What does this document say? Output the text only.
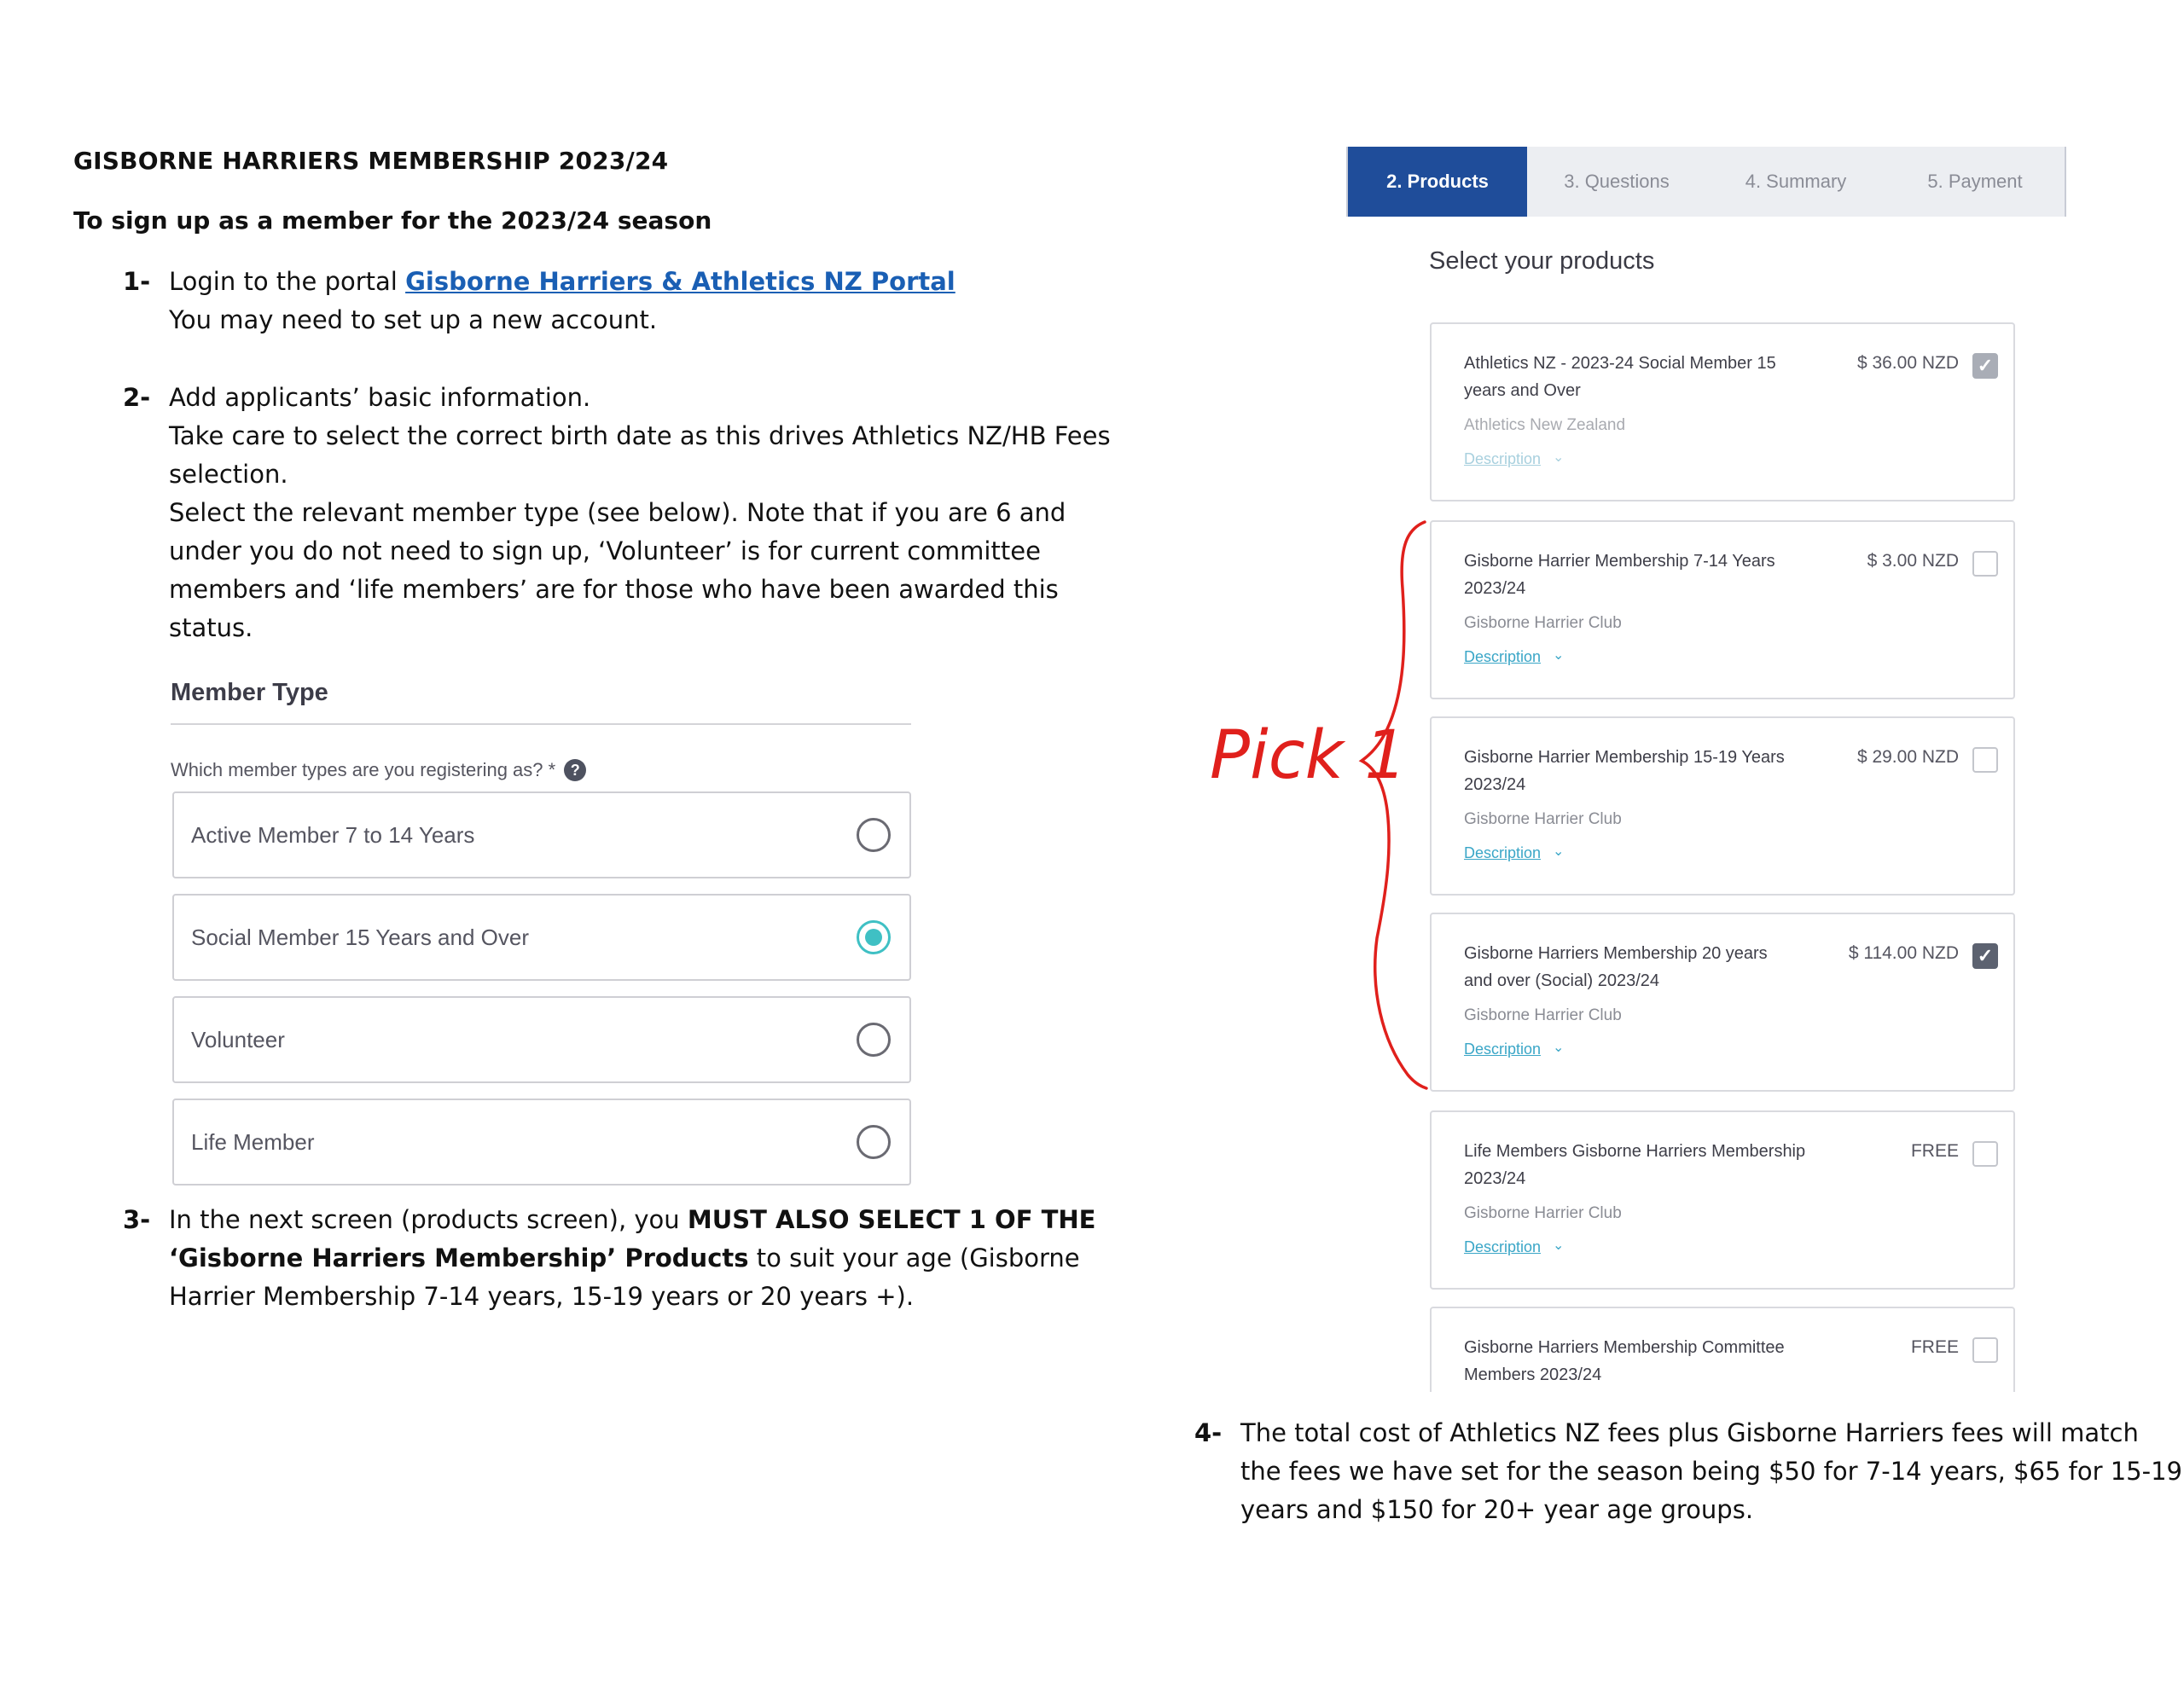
GISBORNE HARRIERS MEMBERSHIP 2023/24
To sign up as a member for the 2023/24 season
1- Login to the portal Gisborne Harriers & Athletics NZ Portal

You may need to set up a new account.

2- Add applicants’ basic information.

Take care to select the correct birth date as this drives Athletics NZ/HB Fees

selection.

Select the relevant member type (see below). Note that if you are 6 and

under you do not need to sign up, ‘Volunteer’ is for current committee

members and ‘life members’ are for those who have been awarded this

status.

Member Type
Which member types are you registering as? * ?
Active Member 7 to 14 Years
Social Member 15 Years and Over
Volunteer
Life Member
3- In the next screen (products screen), you MUST ALSO SELECT 1 OF THE

‘Gisborne Harriers Membership’ Products to suit your age (Gisborne

Harrier Membership 7-14 years, 15-19 years or 20 years +).

2. Products	3. Questions	4. Summary	5. Payment
Select your products
Athletics NZ - 2023-24 Social Member 15
years and Over
$ 36.00 NZD ✓
Athletics New Zealand
Description ⌄
Gisborne Harrier Membership 7-14 Years
2023/24
$ 3.00 NZD
Gisborne Harrier Club
Description ⌄
Gisborne Harrier Membership 15-19 Years
2023/24
$ 29.00 NZD
Gisborne Harrier Club
Description ⌄
Gisborne Harriers Membership 20 years
and over (Social) 2023/24
$ 114.00 NZD ✓
Gisborne Harrier Club
Description ⌄
Life Members Gisborne Harriers Membership
2023/24
FREE
Gisborne Harrier Club
Description ⌄
Gisborne Harriers Membership Committee
Members 2023/24
FREE
Pick 1
4- The total cost of Athletics NZ fees plus Gisborne Harriers fees will match

the fees we have set for the season being $50 for 7-14 years, $65 for 15-19

years and $150 for 20+ year age groups.
